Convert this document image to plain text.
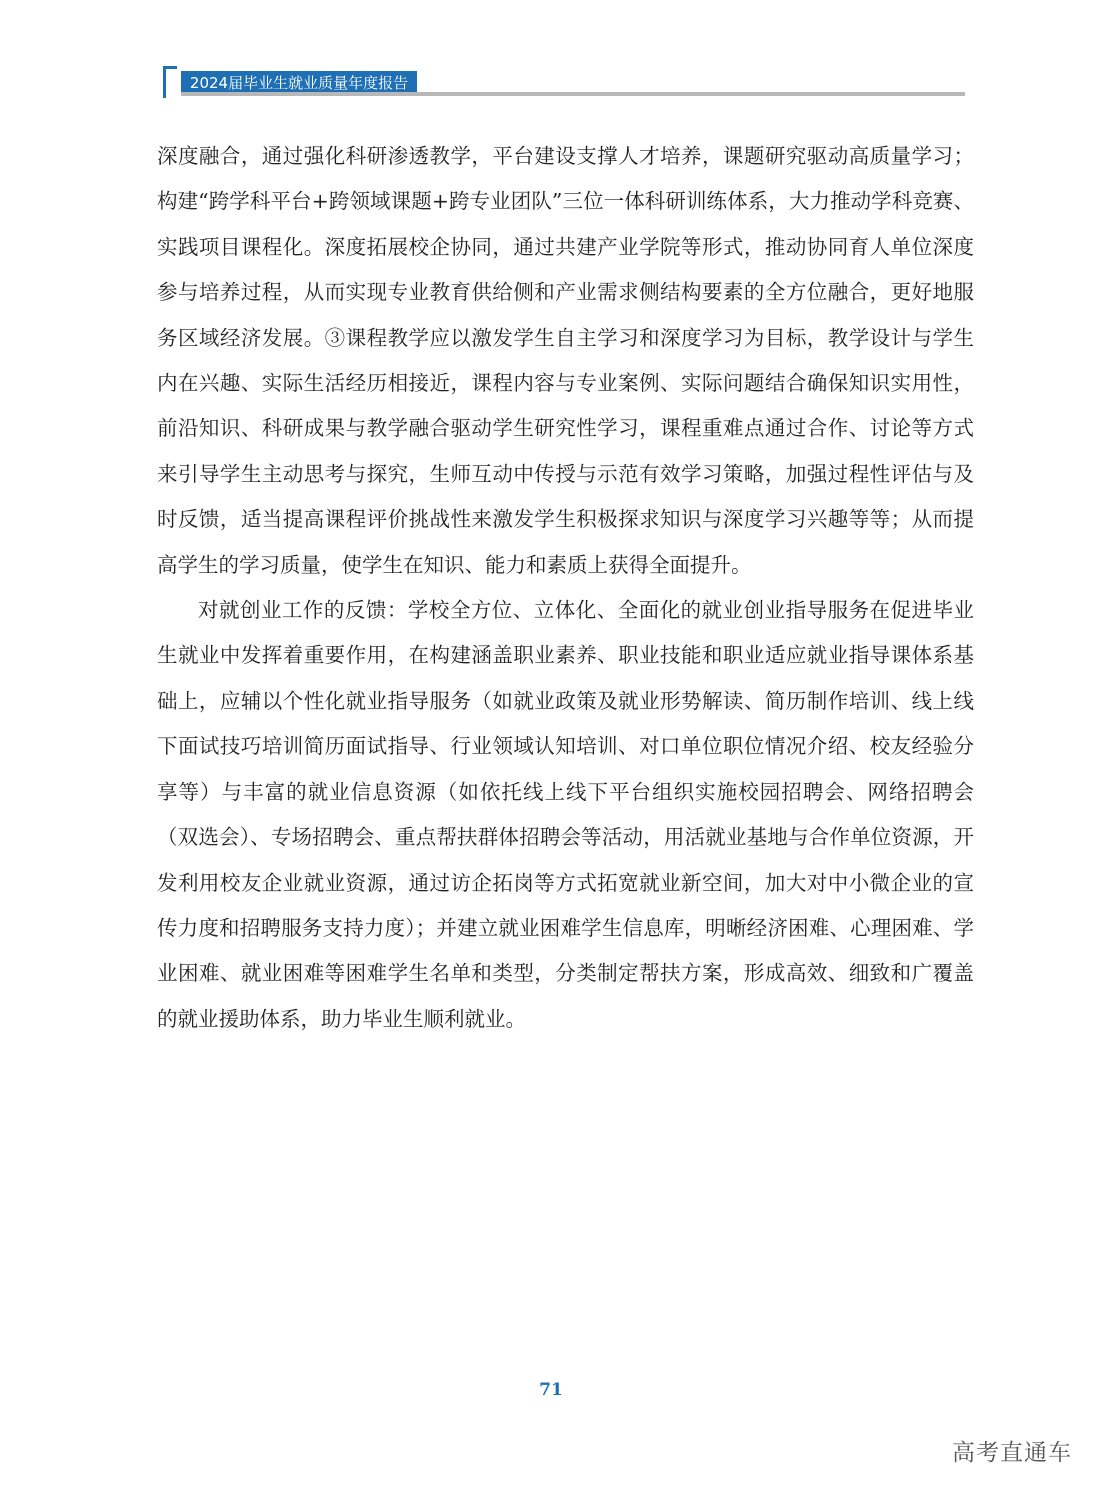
2024届毕业生就业质量年度报告

深度融合，通过强化科研渗透教学，平台建设支撑人才培养，课题研究驱动高质量学习；构建“跨学科平台+跨领域课题+跨专业团队”三位一体科研训练体系，大力推动学科竞赛、实践项目课程化。深度拓展校企协同，通过共建产业学院等形式，推动协同育人单位深度参与培养过程，从而实现专业教育供给侧和产业需求侧结构要素的全方位融合，更好地服务区域经济发展。③课程教学应以激发学生自主学习和深度学习为目标，教学设计与学生内在兴趣、实际生活经历相接近，课程内容与专业案例、实际问题结合确保知识实用性，前沿知识、科研成果与教学融合驱动学生研究性学习，课程重难点通过合作、讨论等方式来引导学生主动思考与探究，生师互动中传授与示范有效学习策略，加强过程性评估与及时反馈，适当提高课程评价挑战性来激发学生积极探求知识与深度学习兴趣等等；从而提高学生的学习质量，使学生在知识、能力和素质上获得全面提升。

对就创业工作的反馈：学校全方位、立体化、全面化的就业创业指导服务在促进毕业生就业中发挥着重要作用，在构建涵盖职业素养、职业技能和职业适应就业指导课体系基础上，应辅以个性化就业指导服务（如就业政策及就业形势解读、简历制作培训、线上线下面试技巧培训简历面试指导、行业领域认知培训、对口单位职位情况介绍、校友经验分享等）与丰富的就业信息资源（如依托线上线下平台组织实施校园招聘会、网络招聘会（双选会）、专场招聘会、重点帮扶群体招聘会等活动，用活就业基地与合作单位资源，开发利用校友企业就业资源，通过访企拓岗等方式拓宽就业新空间，加大对中小微企业的宣传力度和招聘服务支持力度）；并建立就业困难学生信息库，明晰经济困难、心理困难、学业困难、就业困难等困难学生名单和类型，分类制定帮扶方案，形成高效、细致和广覆盖的就业援助体系，助力毕业生顺利就业。

71
高考直通车
